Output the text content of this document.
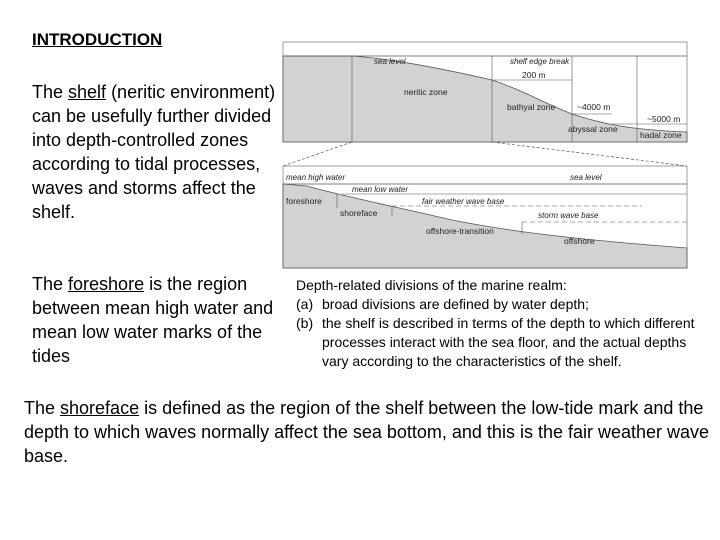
INTRODUCTION
The shelf (neritic environment) can be usefully further divided into depth-controlled zones according to tidal processes, waves and storms affect the shelf.
The foreshore is the region between mean high water and mean low water marks of the tides
The shoreface is defined as the region of the shelf between the low-tide mark and the depth to which waves normally affect the sea bottom, and this is the fair weather wave base.
sea level	shelf edge break
200 m
~4000 m
~5000 m
neritic zone
bathyal zone
abyssal zone
hadal zone
mean high water
mean low water
sea level
fair weather wave base
storm wave base
foreshore
shoreface
offshore-transition
offshore
Depth-related divisions of the marine realm:
(a) broad divisions are defined by water depth;
(b) the shelf is described in terms of the depth to which different processes interact with the sea floor, and the actual depths vary according to the characteristics of the shelf.
